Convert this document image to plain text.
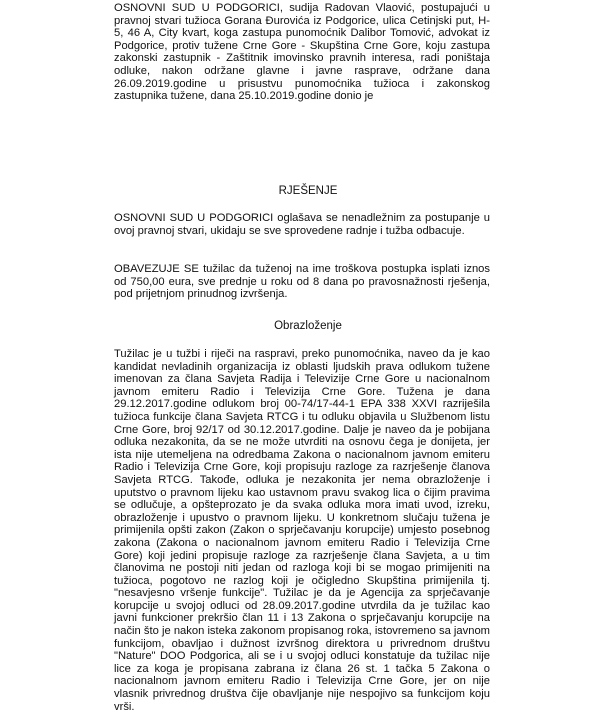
OSNOVNI SUD U PODGORICI, sudija Radovan Vlaović, postupajući u pravnoj stvari tužioca Gorana Đurovića iz Podgorice, ulica Cetinjski put, H-5, 46 A, City kvart, koga zastupa punomoćnik Dalibor Tomović, advokat iz Podgorice, protiv tužene Crne Gore - Skupština Crne Gore, koju zastupa zakonski zastupnik - Zaštitnik imovinsko pravnih interesa, radi poništaja odluke, nakon održane glavne i javne rasprave, održane dana 26.09.2019.godine u prisustvu punomoćnika tužioca i zakonskog zastupnika tužene, dana 25.10.2019.godine donio je

RJEŠENJE

OSNOVNI SUD U PODGORICI oglašava se nenadležnim za postupanje u ovoj pravnoj stvari, ukidaju se sve sprovedene radnje i tužba odbacuje.

OBAVEZUJE SE tužilac da tuženoj na ime troškova postupka isplati iznos od 750,00 eura, sve prednje u roku od 8 dana po pravosnažnosti rješenja, pod prijetnjom prinudnog izvršenja.

Obrazloženje

Tužilac je u tužbi i riječi na raspravi, preko punomoćnika, naveo da je kao kandidat nevladinih organizacija iz oblasti ljudskih prava odlukom tužene imenovan za člana Savjeta Radija i Televizije Crne Gore u nacionalnom javnom emiteru Radio i Televizija Crne Gore. Tužena je dana 29.12.2017.godine odlukom broj 00-74/17-44-1 EPA 338 XXVI razriješila tužioca funkcije člana Savjeta RTCG i tu odluku objavila u Službenom listu Crne Gore, broj 92/17 od 30.12.2017.godine. Dalje je naveo da je pobijana odluka nezakonita, da se ne može utvrditi na osnovu čega je donijeta, jer ista nije utemeljena na odredbama Zakona o nacionalnom javnom emiteru Radio i Televizija Crne Gore, koji propisuju razloge za razrješenje članova Savjeta RTCG. Takođe, odluka je nezakonita jer nema obrazloženje i uputstvo o pravnom lijeku kao ustavnom pravu svakog lica o čijim pravima se odlučuje, a opšteprozato je da svaka odluka mora imati uvod, izreku, obrazloženje i upustvo o pravnom lijeku. U konkretnom slučaju tužena je primijenila opšti zakon (Zakon o sprječavanju korupcije) umjesto posebnog zakona (Zakona o nacionalnom javnom emiteru Radio i Televizija Crne Gore) koji jedini propisuje razloge za razrješenje člana Savjeta, a u tim članovima ne postoji niti jedan od razloga koji bi se mogao primijeniti na tužioca, pogotovo ne razlog koji je očigledno Skupština primijenila tj. "nesavjesno vršenje funkcije". Tužilac je da je Agencija za sprječavanje korupcije u svojoj odluci od 28.09.2017.godine utvrdila da je tužilac kao javni funkcioner prekršio član 11 i 13 Zakona o sprječavanju korupcije na način što je nakon isteka zakonom propisanog roka, istovremeno sa javnom funkcijom, obavljao i dužnost izvršnog direktora u privrednom društvu "Nature" DOO Podgorica, ali se i u svojoj odluci konstatuje da tužilac nije lice za koga je propisana zabrana iz člana 26 st. 1 tačka 5 Zakona o nacionalnom javnom emiteru Radio i Televizija Crne Gore, jer on nije vlasnik privrednog društva čije obavljanje nije nespojivo sa funkcijom koju vrši.
